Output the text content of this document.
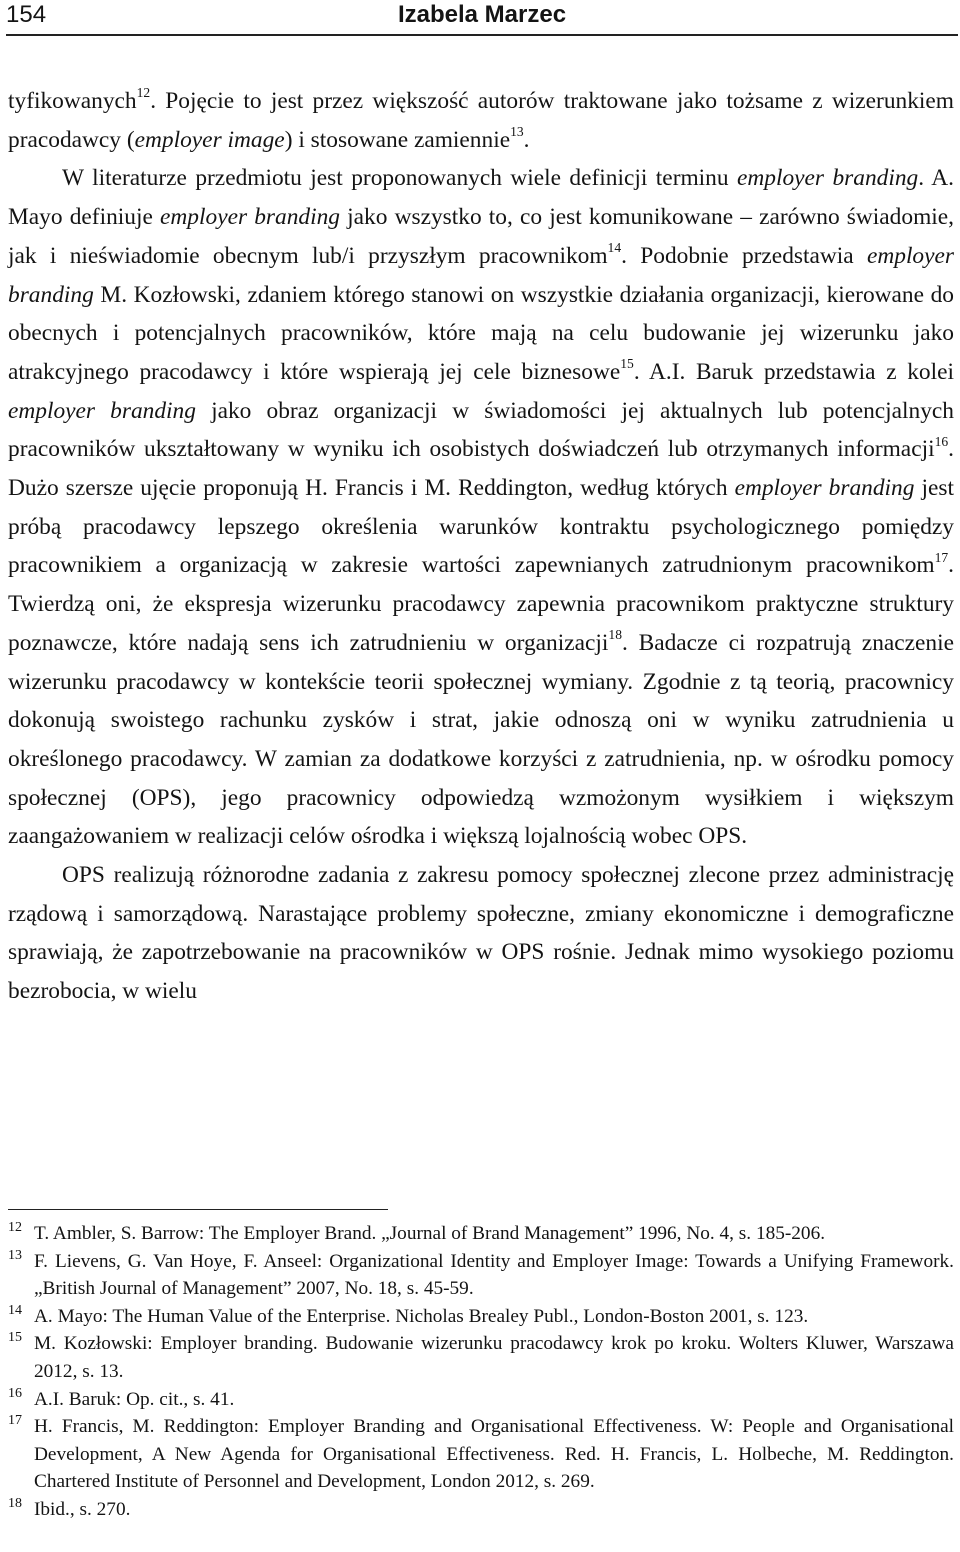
154	Izabela Marzec

tyfikowanych$^{12}$. Pojęcie to jest przez większość autorów traktowane jako tożsame z wizerunkiem pracodawcy (employer image) i stosowane zamiennie$^{13}$.

W literaturze przedmiotu jest proponowanych wiele definicji terminu employer branding. A. Mayo definiuje employer branding jako wszystko to, co jest komunikowane – zarówno świadomie, jak i nieświadomie obecnym lub/i przyszłym pracownikom$^{14}$. Podobnie przedstawia employer branding M. Kozłowski, zdaniem którego stanowi on wszystkie działania organizacji, kierowane do obecnych i potencjalnych pracowników, które mają na celu budowanie jej wizerunku jako atrakcyjnego pracodawcy i które wspierają jej cele biznesowe$^{15}$. A.I. Baruk przedstawia z kolei employer branding jako obraz organizacji w świadomości jej aktualnych lub potencjalnych pracowników ukształtowany w wyniku ich osobistych doświadczeń lub otrzymanych informacji$^{16}$. Dużo szersze ujęcie proponują H. Francis i M. Reddington, według których employer branding jest próbą pracodawcy lepszego określenia warunków kontraktu psychologicznego pomiędzy pracownikiem a organizacją w zakresie wartości zapewnianych zatrudnionym pracownikom$^{17}$. Twierdzą oni, że ekspresja wizerunku pracodawcy zapewnia pracownikom praktyczne struktury poznawcze, które nadają sens ich zatrudnieniu w organizacji$^{18}$. Badacze ci rozpatrują znaczenie wizerunku pracodawcy w kontekście teorii społecznej wymiany. Zgodnie z tą teorią, pracownicy dokonują swoistego rachunku zysków i strat, jakie odnoszą oni w wyniku zatrudnienia u określonego pracodawcy. W zamian za dodatkowe korzyści z zatrudnienia, np. w ośrodku pomocy społecznej (OPS), jego pracownicy odpowiedzą wzmożonym wysiłkiem i większym zaangażowaniem w realizacji celów ośrodka i większą lojalnością wobec OPS.

OPS realizują różnorodne zadania z zakresu pomocy społecznej zlecone przez administrację rządową i samorządową. Narastające problemy społeczne, zmiany ekonomiczne i demograficzne sprawiają, że zapotrzebowanie na pracowników w OPS rośnie. Jednak mimo wysokiego poziomu bezrobocia, w wielu

12 T. Ambler, S. Barrow: The Employer Brand. „Journal of Brand Management” 1996, No. 4, s. 185-206.

13 F. Lievens, G. Van Hoye, F. Anseel: Organizational Identity and Employer Image: Towards a Unifying Framework. „British Journal of Management” 2007, No. 18, s. 45-59.

14 A. Mayo: The Human Value of the Enterprise. Nicholas Brealey Publ., London-Boston 2001, s. 123.

15 M. Kozłowski: Employer branding. Budowanie wizerunku pracodawcy krok po kroku. Wolters Kluwer, Warszawa 2012, s. 13.

16 A.I. Baruk: Op. cit., s. 41.

17 H. Francis, M. Reddington: Employer Branding and Organisational Effectiveness. W: People and Organisational Development, A New Agenda for Organisational Effectiveness. Red. H. Francis, L. Holbeche, M. Reddington. Chartered Institute of Personnel and Development, London 2012, s. 269.

18 Ibid., s. 270.
